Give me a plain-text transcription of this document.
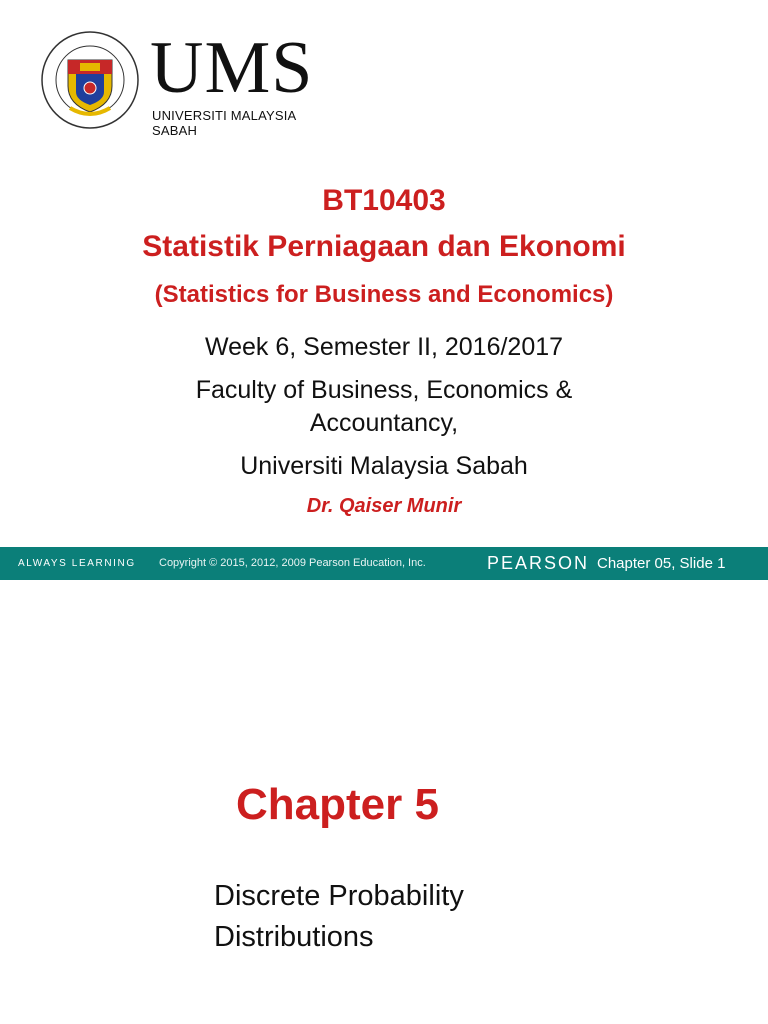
UMS
UNIVERSITI MALAYSIA SABAH
BT10403
Statistik Perniagaan dan Ekonomi
(Statistics for Business and Economics)
Week 6, Semester II, 2016/2017
Faculty of Business, Economics &
Accountancy,
Universiti Malaysia Sabah
Dr. Qaiser Munir
ALWAYS LEARNING Copyright © 2015, 2012, 2009 Pearson Education, Inc.	PEARSON Chapter 05, Slide 1
Chapter 5
Discrete Probability
Distributions
